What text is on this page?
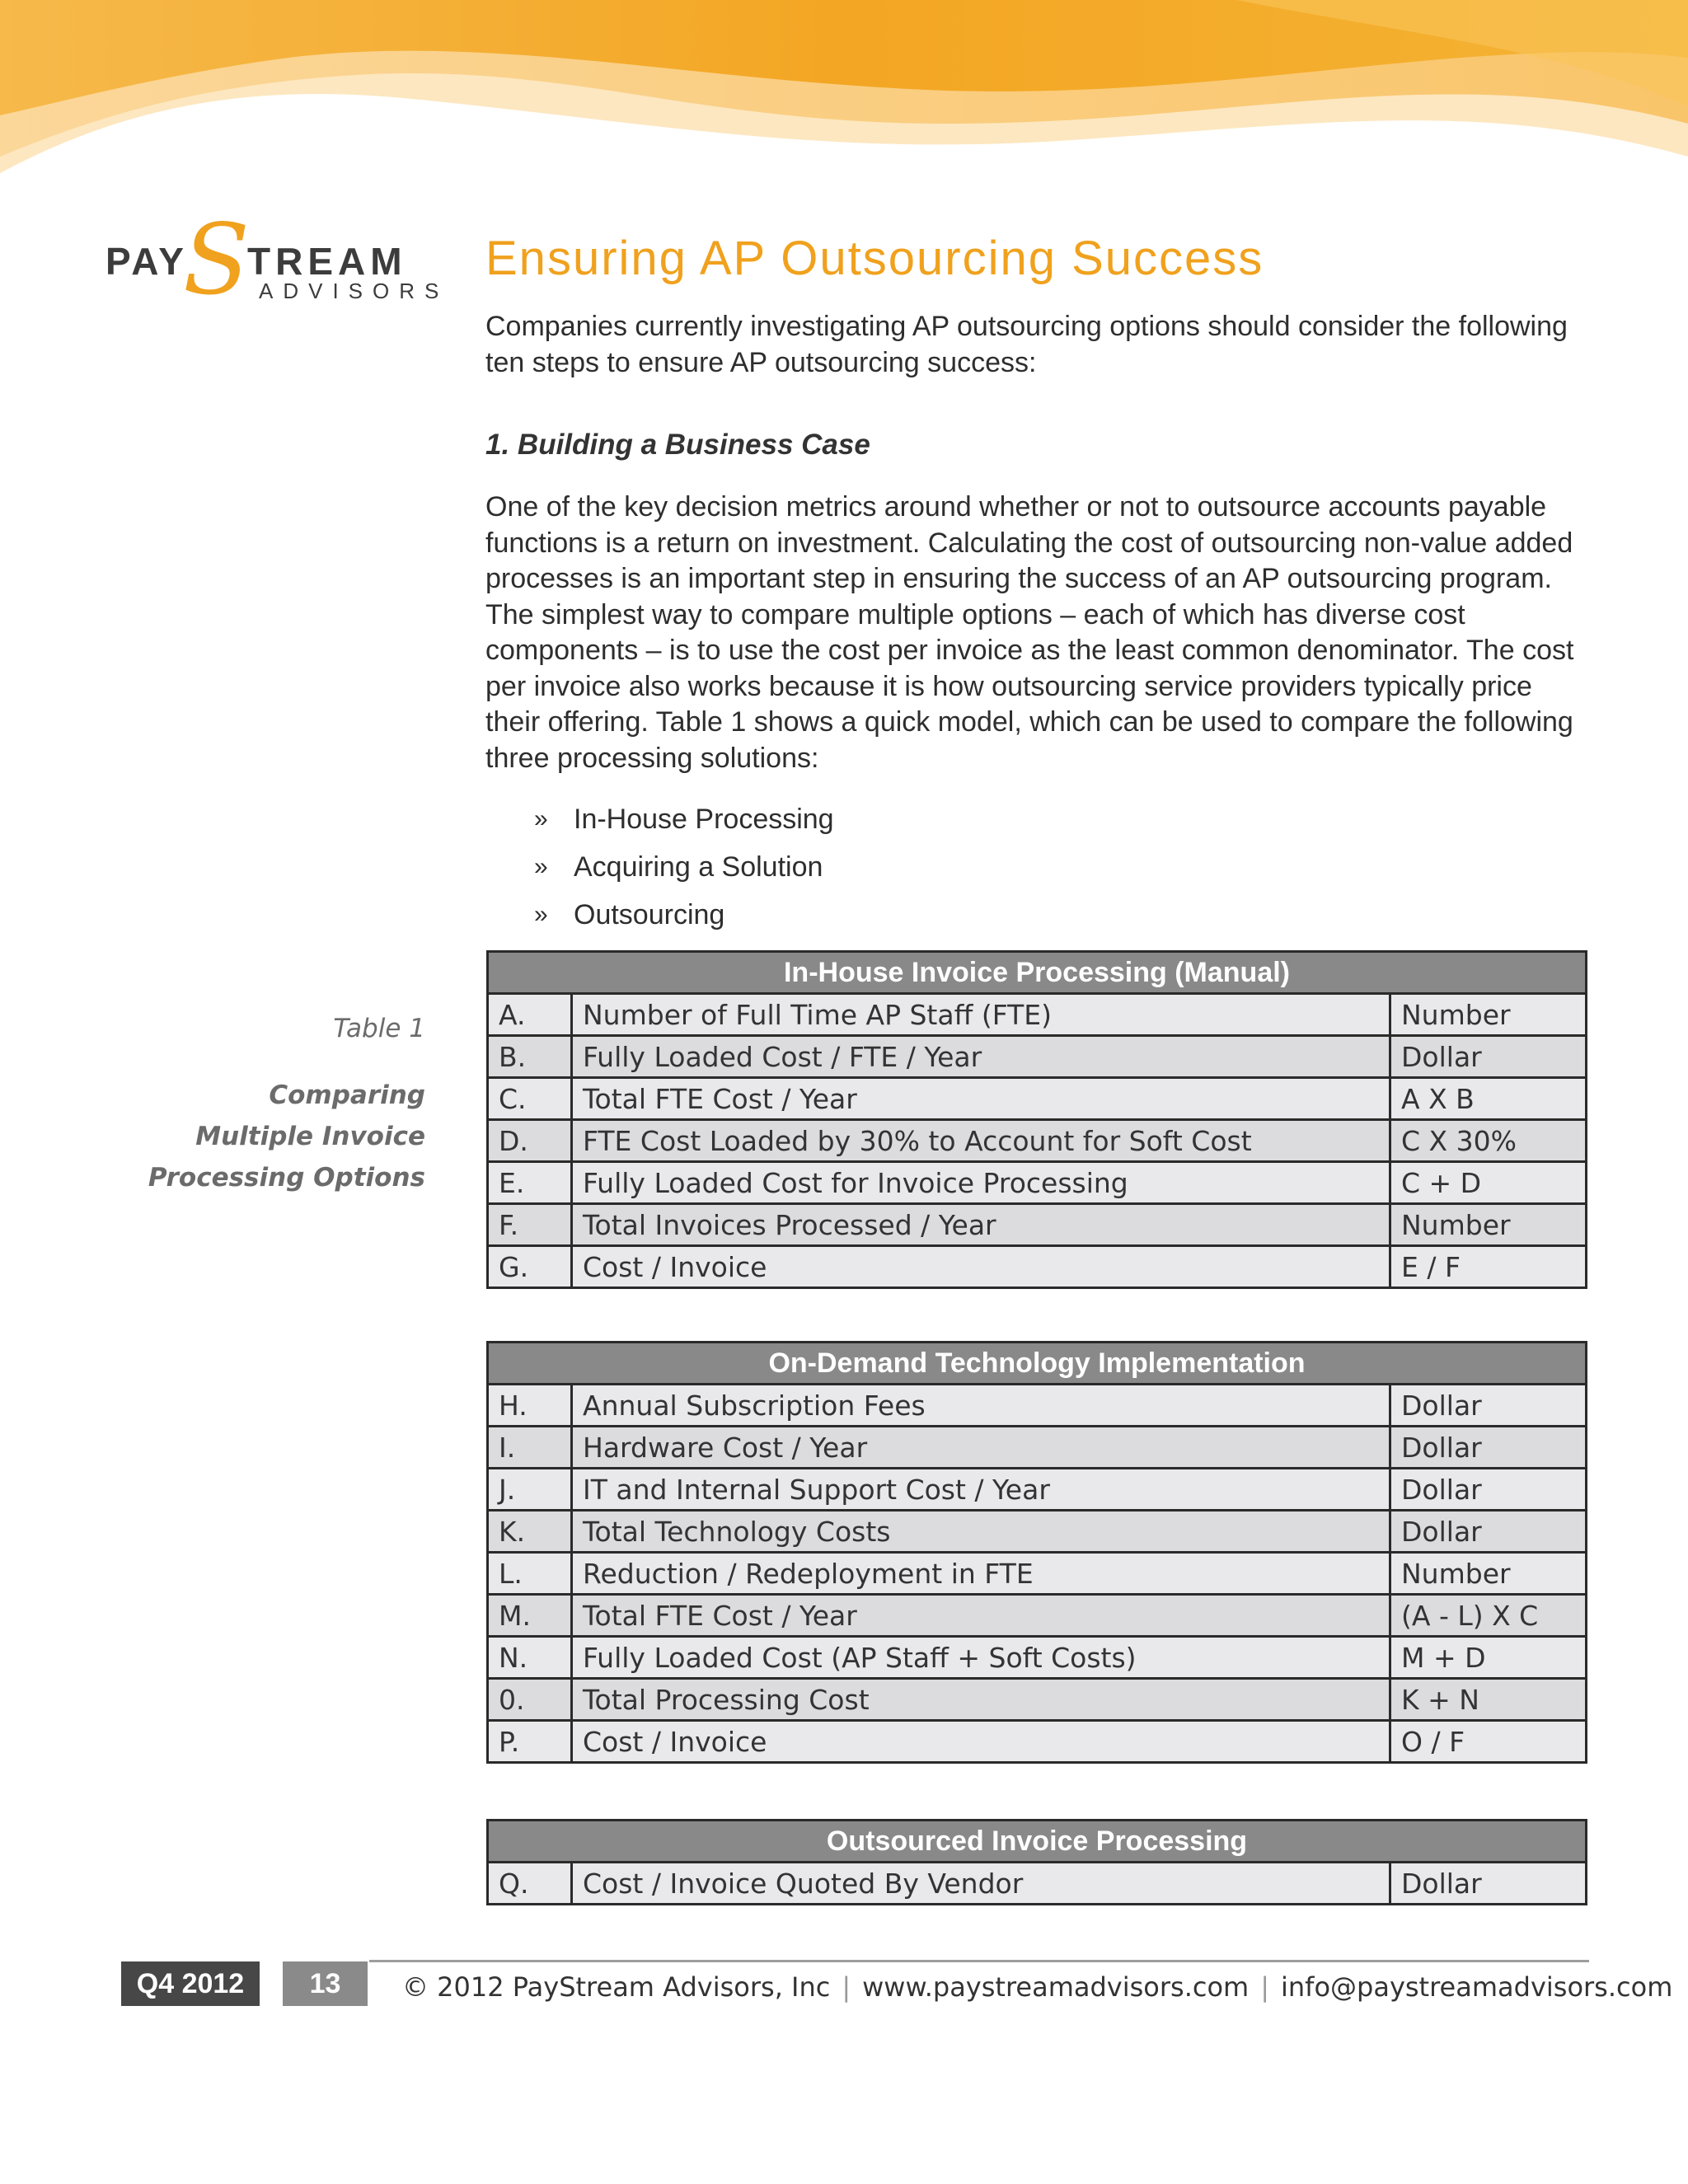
PAY
S
TREAM
ADVISORS
Ensuring AP Outsourcing Success

Companies currently investigating AP outsourcing options should consider the following ten steps to ensure AP outsourcing success:

1. Building a Business Case

One of the key decision metrics around whether or not to outsource accounts payable functions is a return on investment. Calculating the cost of outsourcing non-value added processes is an important step in ensuring the success of an AP outsourcing program. The simplest way to compare multiple options – each of which has diverse cost components – is to use the cost per invoice as the least common denominator. The cost per invoice also works because it is how outsourcing service providers typically price their offering. Table 1 shows a quick model, which can be used to compare the following three processing solutions:

» In-House Processing
» Acquiring a Solution
» Outsourcing
Table 1
Comparing Multiple Invoice Processing Options
In-House Invoice Processing (Manual)		
A.	Number of Full Time AP Staff (FTE)	Number
B.	Fully Loaded Cost / FTE / Year	Dollar
C.	Total FTE Cost / Year	A X B
D.	FTE Cost Loaded by 30% to Account for Soft Cost	C X 30%
E.	Fully Loaded Cost for Invoice Processing	C + D
F.	Total Invoices Processed / Year	Number
G.	Cost / Invoice	E / F
On-Demand Technology Implementation		
H.	Annual Subscription Fees	Dollar
I.	Hardware Cost / Year	Dollar
J.	IT and Internal Support Cost / Year	Dollar
K.	Total Technology Costs	Dollar
L.	Reduction / Redeployment in FTE	Number
M.	Total FTE Cost / Year	(A - L) X C
N.	Fully Loaded Cost (AP Staff + Soft Costs)	M + D
0.	Total Processing Cost	K + N
P.	Cost / Invoice	O / F
Outsourced Invoice Processing
Q.	Cost / Invoice Quoted By Vendor	Dollar
Q4 2012	13	© 2012 PayStream Advisors, Inc | www.paystreamadvisors.com | info@paystreamadvisors.com
